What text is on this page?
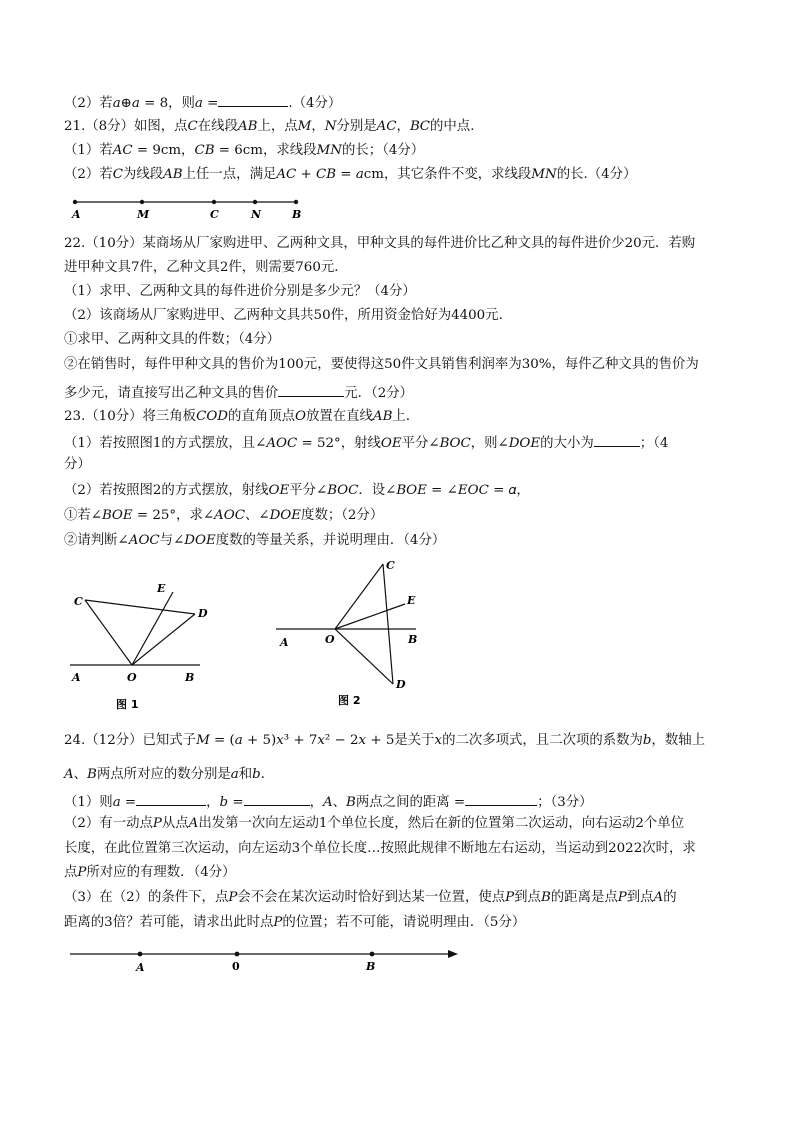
（2）若𝑎⊕𝑎 = 8，则𝑎 =	.（4分）
21.（8分）如图，点𝐶在线段𝐴𝐵上，点𝑀，𝑁分别是𝐴𝐶，𝐵𝐶的中点.
（1）若𝐴𝐶 = 9cm，𝐶𝐵 = 6cm，求线段𝑀𝑁的长；（4分）
（2）若𝐶为线段𝐴𝐵上任一点，满足𝐴𝐶 + 𝐶𝐵 = 𝑎cm，其它条件不变，求线段𝑀𝑁的长.（4分）
A	M	C	N	B
22.（10分）某商场从厂家购进甲、乙两种文具，甲种文具的每件进价比乙种文具的每件进价少20元．若购
进甲种文具7件，乙种文具2件，则需要760元．
（1）求甲、乙两种文具的每件进价分别是多少元？（4分）
（2）该商场从厂家购进甲、乙两种文具共50件，所用资金恰好为4400元．
①求甲、乙两种文具的件数；（4分）
②在销售时，每件甲种文具的售价为100元，要使得这50件文具销售利润率为30%，每件乙种文具的售价为
多少元，请直接写出乙种文具的售价	元．（2分）
23.（10分）将三角板𝐶𝑂𝐷的直角顶点𝑂放置在直线𝐴𝐵上．
（1）若按照图1的方式摆放，且∠𝐴𝑂𝐶 = 52°，射线𝑂𝐸平分∠𝐵𝑂𝐶，则∠𝐷𝑂𝐸的大小为	；（4
分）
（2）若按照图2的方式摆放，射线𝑂𝐸平分∠𝐵𝑂𝐶．设∠𝐵𝑂𝐸 = ∠𝐸𝑂𝐶 = 𝛼，
①若∠𝐵𝑂𝐸 = 25°，求∠𝐴𝑂𝐶、∠𝐷𝑂𝐸度数；（2分）
②请判断∠𝐴𝑂𝐶与∠𝐷𝑂𝐸度数的等量关系，并说明理由．（4分）
C
E
D
A	O	B
图 1
C
E
A	O	B
D
图 2
24.（12分）已知式子𝑀 = (𝑎 + 5)𝑥³ + 7𝑥² − 2𝑥 + 5是关于𝑥的二次多项式，且二次项的系数为𝑏，数轴上
𝐴、𝐵两点所对应的数分别是𝑎和𝑏．
（1）则𝑎 =	，𝑏 =	，𝐴、𝐵两点之间的距离 =	；（3分）
（2）有一动点𝑃从点𝐴出发第一次向左运动1个单位长度，然后在新的位置第二次运动，向右运动2个单位
长度，在此位置第三次运动，向左运动3个单位长度…按照此规律不断地左右运动，当运动到2022次时，求
点𝑃所对应的有理数．（4分）
（3）在（2）的条件下，点𝑃会不会在某次运动时恰好到达某一位置，使点𝑃到点𝐵的距离是点𝑃到点𝐴的
距离的3倍？若可能，请求出此时点𝑃的位置；若不可能，请说明理由．（5分）
A	0	B
